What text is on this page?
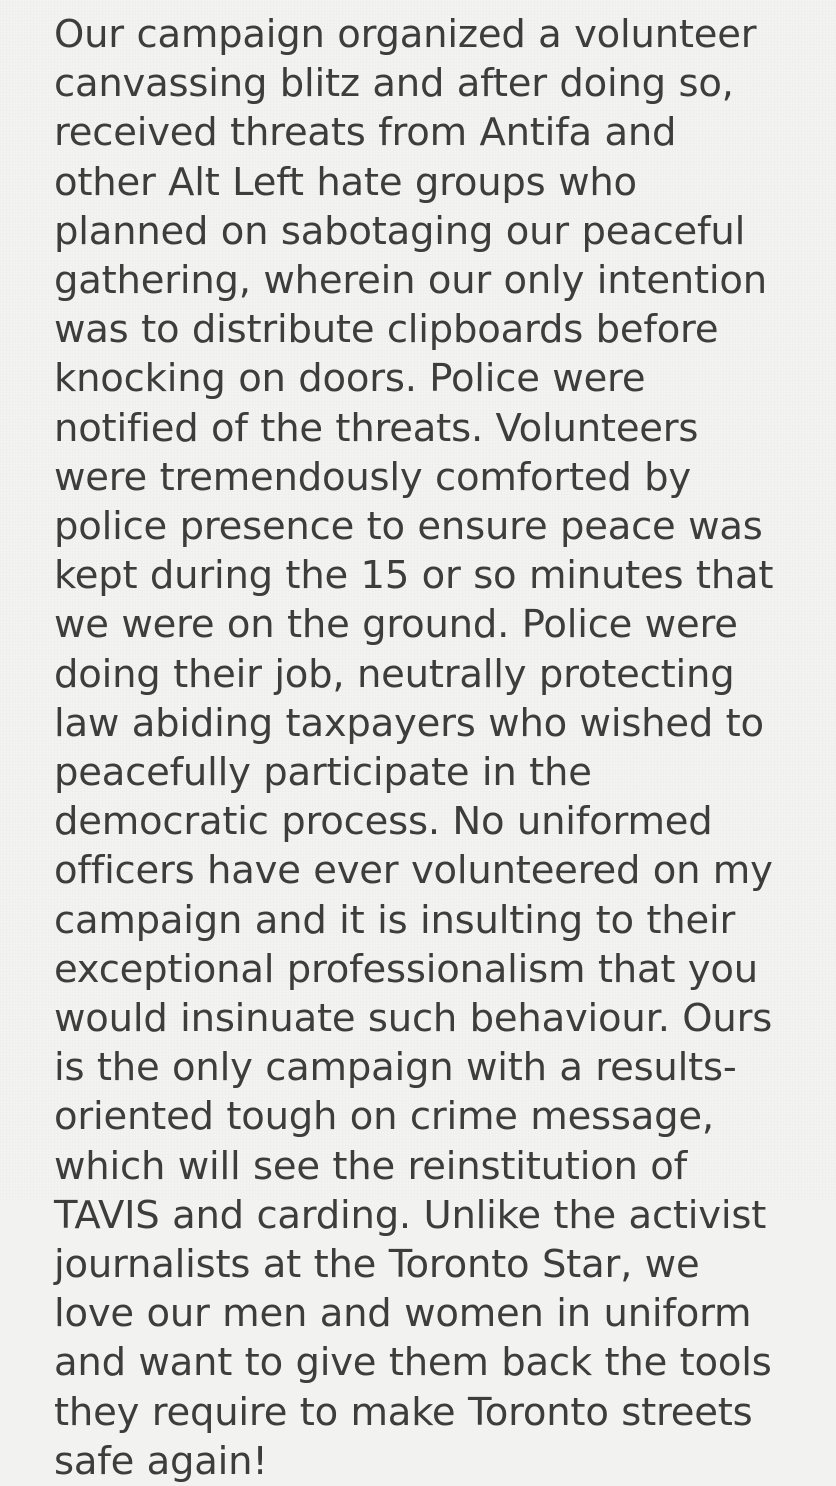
Our campaign organized a volunteer canvassing blitz and after doing so, received threats from Antifa and other Alt Left hate groups who planned on sabotaging our peaceful gathering, wherein our only intention was to distribute clipboards before knocking on doors. Police were notified of the threats. Volunteers were tremendously comforted by police presence to ensure peace was kept during the 15 or so minutes that we were on the ground. Police were doing their job, neutrally protecting law abiding taxpayers who wished to peacefully participate in the democratic process. No uniformed officers have ever volunteered on my campaign and it is insulting to their exceptional professionalism that you would insinuate such behaviour. Ours is the only campaign with a results-oriented tough on crime message, which will see the reinstitution of TAVIS and carding. Unlike the activist journalists at the Toronto Star, we love our men and women in uniform and want to give them back the tools they require to make Toronto streets safe again!
